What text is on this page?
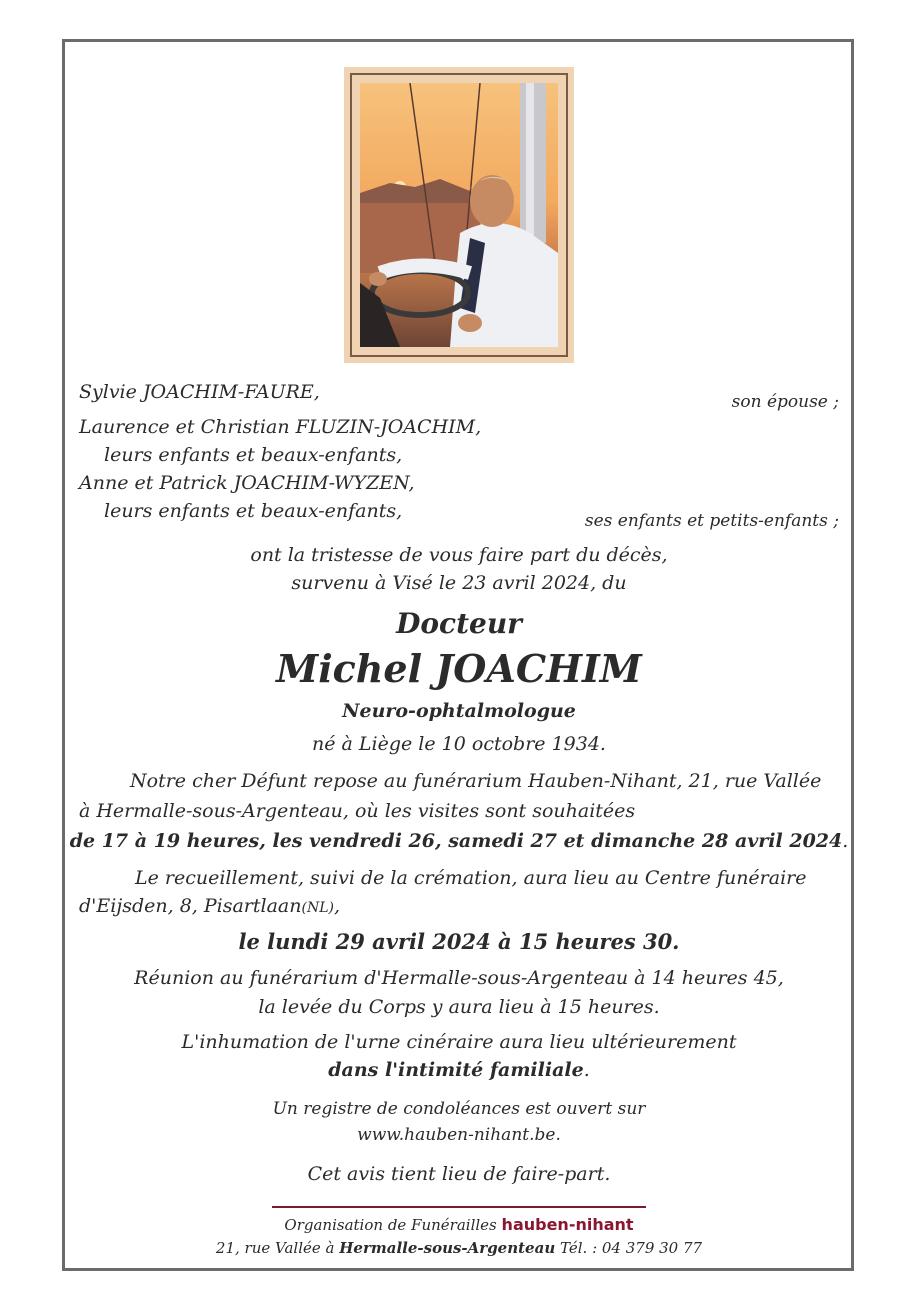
Sylvie JOACHIM-FAURE,	son épouse ;
Laurence et Christian FLUZIN-JOACHIM,
leurs enfants et beaux-enfants,
Anne et Patrick JOACHIM-WYZEN,
leurs enfants et beaux-enfants,	ses enfants et petits-enfants ;
ont la tristesse de vous faire part du décès,
survenu à Visé le 23 avril 2024, du
Docteur
Michel JOACHIM
Neuro-ophtalmologue
né à Liège le 10 octobre 1934.
Notre cher Défunt repose au funérarium Hauben-Nihant, 21, rue Vallée
à Hermalle-sous-Argenteau, où les visites sont souhaitées
de 17 à 19 heures, les vendredi 26, samedi 27 et dimanche 28 avril 2024.
Le recueillement, suivi de la crémation, aura lieu au Centre funéraire
d'Eijsden, 8, Pisartlaan(NL),
le lundi 29 avril 2024 à 15 heures 30.
Réunion au funérarium d'Hermalle-sous-Argenteau à 14 heures 45,
la levée du Corps y aura lieu à 15 heures.
L'inhumation de l'urne cinéraire aura lieu ultérieurement
dans l'intimité familiale.
Un registre de condoléances est ouvert sur
www.hauben-nihant.be.
Cet avis tient lieu de faire-part.
Organisation de Funérailles hauben-nihant
21, rue Vallée à Hermalle-sous-Argenteau Tél. : 04 379 30 77
